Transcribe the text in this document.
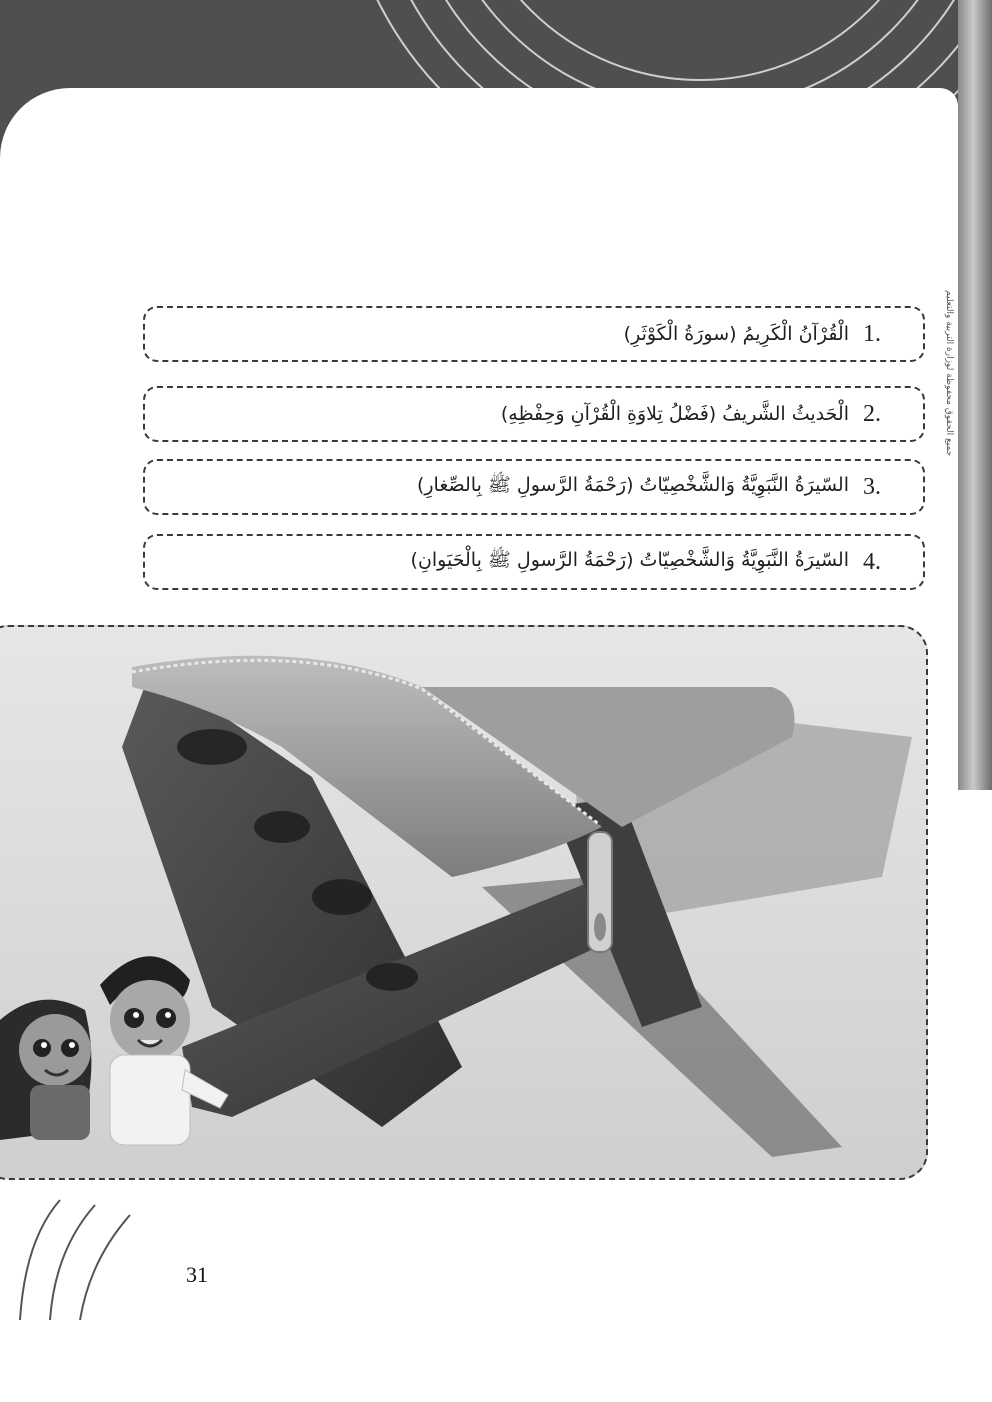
جميع الحقوق محفوظة لوزارة التربية والتعليم
الْقُرْآنُ الْكَرِيمُ (سورَةُ الْكَوْثَرِ) 1.
الْحَديثُ الشَّريفُ (فَضْلُ تِلاوَةِ الْقُرْآنِ وَحِفْظِهِ) 2.
السّيرَةُ النَّبَوِيَّةُ وَالشَّخْصِيّاتُ (رَحْمَةُ الرَّسولِ ﷺ بِالصِّغارِ) 3.
السّيرَةُ النَّبَوِيَّةُ وَالشَّخْصِيّاتُ (رَحْمَةُ الرَّسولِ ﷺ بِالْحَيَوانِ) 4.
31
